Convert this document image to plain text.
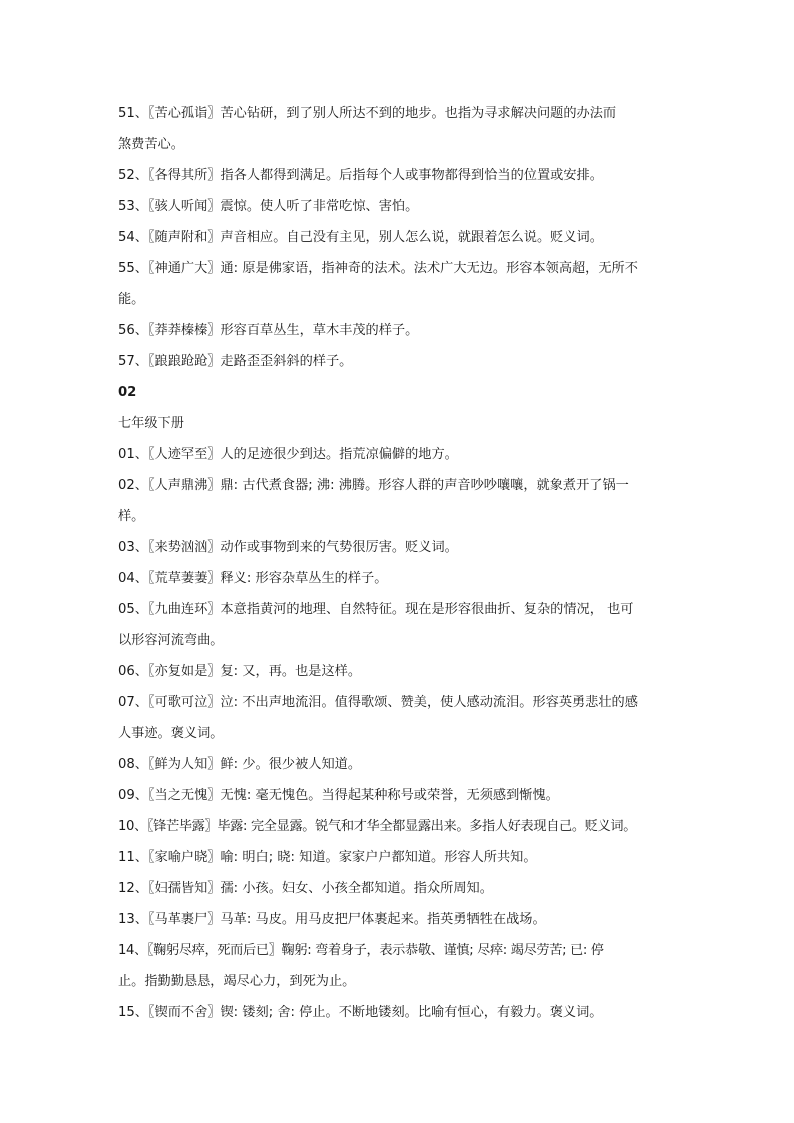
51、〖苦心孤诣〗苦心钻研，到了别人所达不到的地步。也指为寻求解决问题的办法而
煞费苦心。
52、〖各得其所〗指各人都得到满足。后指每个人或事物都得到恰当的位置或安排。
53、〖骇人听闻〗震惊。使人听了非常吃惊、害怕。
54、〖随声附和〗声音相应。自己没有主见，别人怎么说，就跟着怎么说。贬义词。
55、〖神通广大〗通: 原是佛家语，指神奇的法术。法术广大无边。形容本领高超，无所不
能。
56、〖莽莽榛榛〗形容百草丛生，草木丰茂的样子。
57、〖踉踉跄跄〗走路歪歪斜斜的样子。
02
七年级下册
01、〖人迹罕至〗人的足迹很少到达。指荒凉偏僻的地方。
02、〖人声鼎沸〗鼎: 古代煮食器; 沸: 沸腾。形容人群的声音吵吵嚷嚷，就象煮开了锅一
样。
03、〖来势汹汹〗动作或事物到来的气势很厉害。贬义词。
04、〖荒草萋萋〗释义: 形容杂草丛生的样子。
05、〖九曲连环〗本意指黄河的地理、自然特征。现在是形容很曲折、复杂的情况， 也可
以形容河流弯曲。
06、〖亦复如是〗复: 又，再。也是这样。
07、〖可歌可泣〗泣: 不出声地流泪。值得歌颂、赞美，使人感动流泪。形容英勇悲壮的感
人事迹。褒义词。
08、〖鲜为人知〗鲜: 少。很少被人知道。
09、〖当之无愧〗无愧: 毫无愧色。当得起某种称号或荣誉，无须感到惭愧。
10、〖锋芒毕露〗毕露: 完全显露。锐气和才华全都显露出来。多指人好表现自己。贬义词。
11、〖家喻户晓〗喻: 明白; 晓: 知道。家家户户都知道。形容人所共知。
12、〖妇孺皆知〗孺: 小孩。妇女、小孩全都知道。指众所周知。
13、〖马革裹尸〗马革: 马皮。用马皮把尸体裹起来。指英勇牺牲在战场。
14、〖鞠躬尽瘁，死而后已〗鞠躬: 弯着身子，表示恭敬、谨慎; 尽瘁: 竭尽劳苦; 已: 停
止。指勤勤恳恳，竭尽心力，到死为止。
15、〖锲而不舍〗锲: 镂刻; 舍: 停止。不断地镂刻。比喻有恒心，有毅力。褒义词。
